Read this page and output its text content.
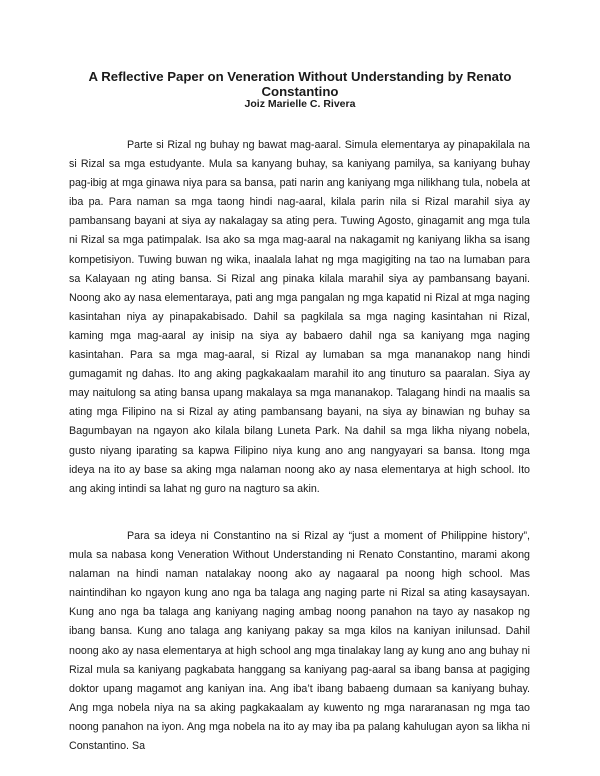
A Reflective Paper on Veneration Without Understanding by Renato Constantino
Joiz Marielle C. Rivera

Parte si Rizal ng buhay ng bawat mag-aaral. Simula elementarya ay pinapakilala na si Rizal sa mga estudyante. Mula sa kanyang buhay, sa kaniyang pamilya, sa kaniyang buhay pag-ibig at mga ginawa niya para sa bansa, pati narin ang kaniyang mga nilikhang tula, nobela at iba pa. Para naman sa mga taong hindi nag-aaral, kilala parin nila si Rizal marahil siya ay pambansang bayani at siya ay nakalagay sa ating pera. Tuwing Agosto, ginagamit ang mga tula ni Rizal sa mga patimpalak. Isa ako sa mga mag-aaral na nakagamit ng kaniyang likha sa isang kompetisiyon. Tuwing buwan ng wika, inaalala lahat ng mga magigiting na tao na lumaban para sa Kalayaan ng ating bansa. Si Rizal ang pinaka kilala marahil siya ay pambansang bayani. Noong ako ay nasa elementaraya, pati ang mga pangalan ng mga kapatid ni Rizal at mga naging kasintahan niya ay pinapakabisado. Dahil sa pagkilala sa mga naging kasintahan ni Rizal, kaming mga mag-aaral ay inisip na siya ay babaero dahil nga sa kaniyang mga naging kasintahan. Para sa mga mag-aaral, si Rizal ay lumaban sa mga mananakop nang hindi gumagamit ng dahas. Ito ang aking pagkakaalam marahil ito ang tinuturo sa paaralan. Siya ay may naitulong sa ating bansa upang makalaya sa mga mananakop. Talagang hindi na maalis sa ating mga Filipino na si Rizal ay ating pambansang bayani, na siya ay binawian ng buhay sa Bagumbayan na ngayon ako kilala bilang Luneta Park. Na dahil sa mga likha niyang nobela, gusto niyang iparating sa kapwa Filipino niya kung ano ang nangyayari sa bansa. Itong mga ideya na ito ay base sa aking mga nalaman noong ako ay nasa elementarya at high school. Ito ang aking intindi sa lahat ng guro na nagturo sa akin.

Para sa ideya ni Constantino na si Rizal ay “just a moment of Philippine history”, mula sa nabasa kong Veneration Without Understanding ni Renato Constantino, marami akong nalaman na hindi naman natalakay noong ako ay nagaaral pa noong high school. Mas naintindihan ko ngayon kung ano nga ba talaga ang naging parte ni Rizal sa ating kasaysayan. Kung ano nga ba talaga ang kaniyang naging ambag noong panahon na tayo ay nasakop ng ibang bansa. Kung ano talaga ang kaniyang pakay sa mga kilos na kaniyan inilunsad. Dahil noong ako ay nasa elementarya at high school ang mga tinalakay lang ay kung ano ang buhay ni Rizal mula sa kaniyang pagkabata hanggang sa kaniyang pag-aaral sa ibang bansa at pagiging doktor upang magamot ang kaniyan ina. Ang iba’t ibang babaeng dumaan sa kaniyang buhay. Ang mga nobela niya na sa aking pagkakaalam ay kuwento ng mga nararanasan ng mga tao noong panahon na iyon. Ang mga nobela na ito ay may iba pa palang kahulugan ayon sa likha ni Constantino. Sa
